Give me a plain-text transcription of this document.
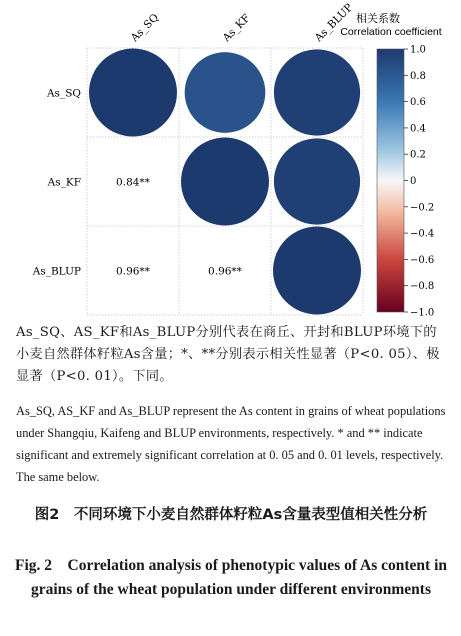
0.84**
0.96**	0.96**
As_SQ
As_SQ
As_KF
As_KF
As_BLUP
As_BLUP
相关系数
Correlation coefficient
1.0
0.8
0.6
0.4
0.2
0
−0.2
−0.4
−0.6
−0.8
−1.0
As_SQ、AS_KF和As_BLUP分别代表在商丘、开封和BLUP环境下的小麦自然群体籽粒As含量；*、**分别表示相关性显著（P<0. 05）、极显著（P<0. 01）。下同。
As_SQ, AS_KF and As_BLUP represent the As content in grains of wheat populations under Shangqiu, Kaifeng and BLUP environments, respectively. * and ** indicate significant and extremely significant correlation at 0. 05 and 0. 01 levels, respectively. The same below.
图2　不同环境下小麦自然群体籽粒As含量表型值相关性分析
Fig. 2　Correlation analysis of phenotypic values of As content in grains of the wheat population under different environments
